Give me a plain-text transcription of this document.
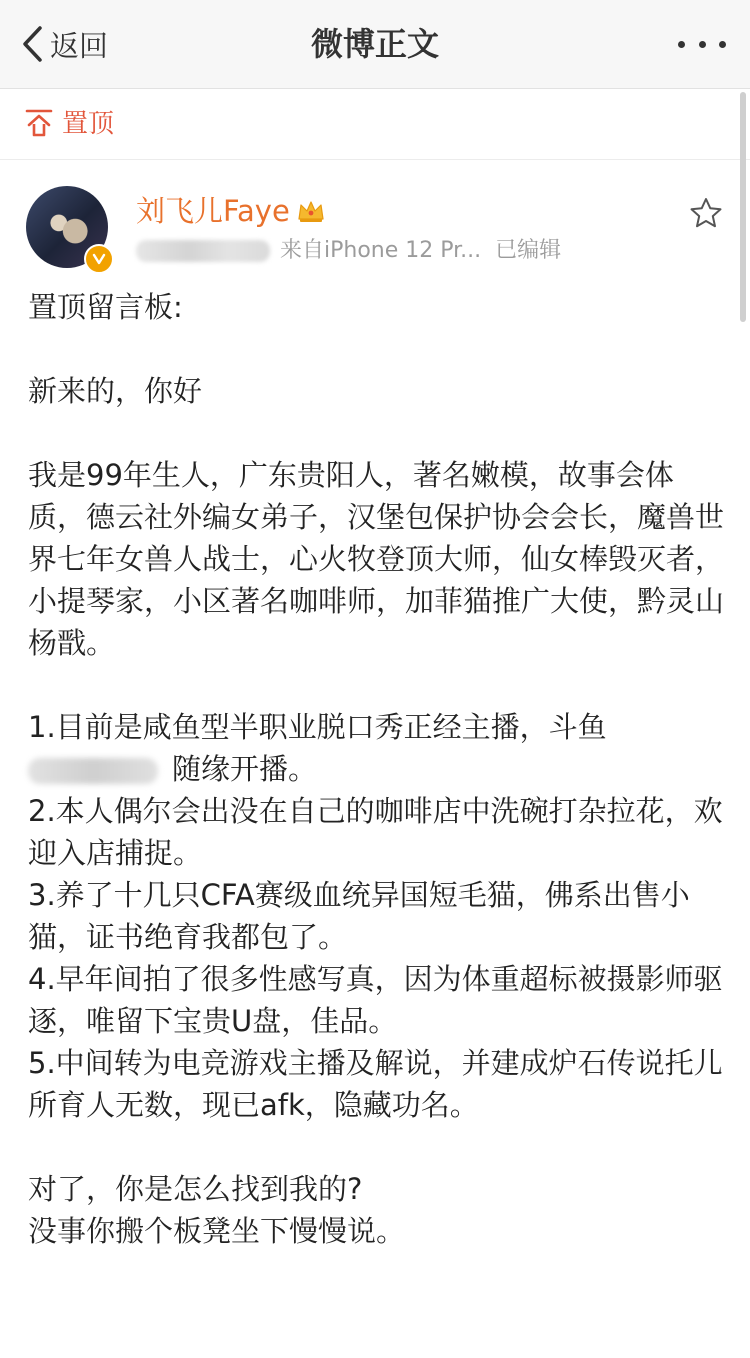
返回	微博正文
置顶
刘飞儿Faye
来自iPhone 12 Pr... 已编辑

置顶留言板:

新来的，你好

我是99年生人，广东贵阳人，著名嫩模，故事会体质，德云社外编女弟子，汉堡包保护协会会长，魔兽世界七年女兽人战士，心火牧登顶大师，仙女棒毁灭者，小提琴家，小区著名咖啡师，加菲猫推广大使，黔灵山杨戬。

1.目前是咸鱼型半职业脱口秀正经主播，斗鱼
随缘开播。

2.本人偶尔会出没在自己的咖啡店中洗碗打杂拉花，欢迎入店捕捉。

3.养了十几只CFA赛级血统异国短毛猫，佛系出售小猫，证书绝育我都包了。

4.早年间拍了很多性感写真，因为体重超标被摄影师驱逐，唯留下宝贵U盘，佳品。

5.中间转为电竞游戏主播及解说，并建成炉石传说托儿所育人无数，现已afk，隐藏功名。

对了，你是怎么找到我的?

没事你搬个板凳坐下慢慢说。
